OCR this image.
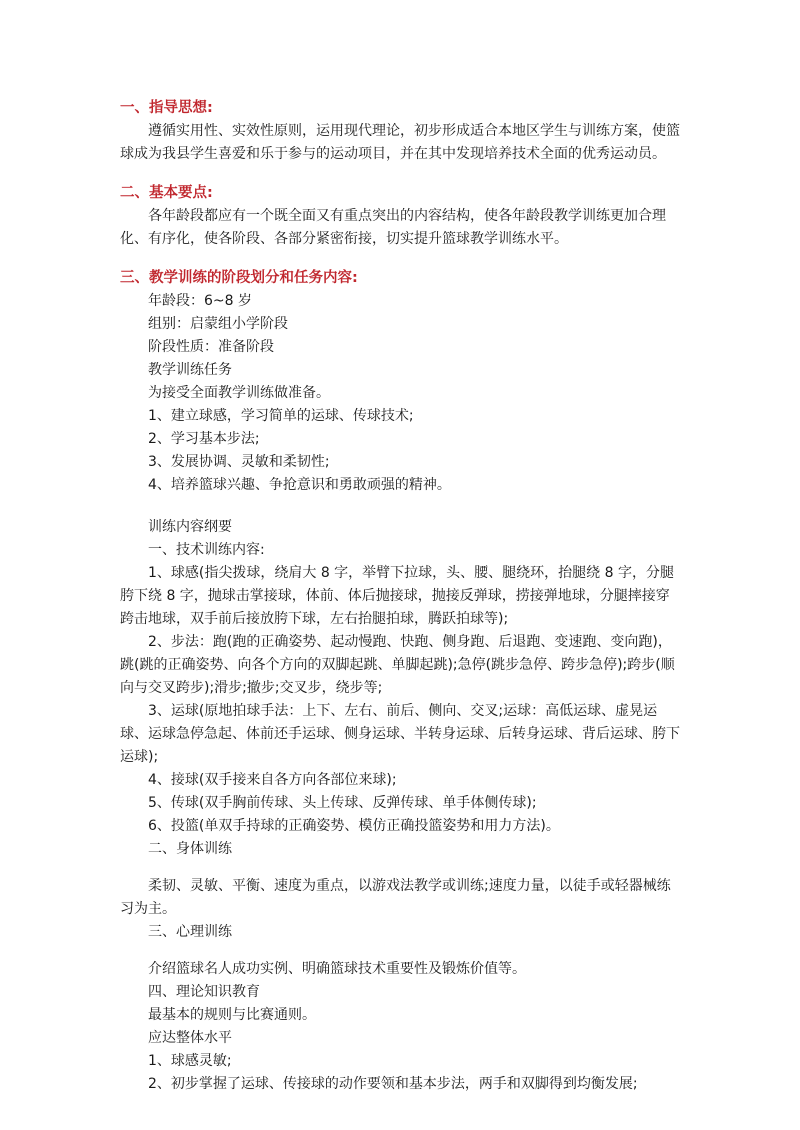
一、指导思想:
遵循实用性、实效性原则，运用现代理论，初步形成适合本地区学生与训练方案，使篮球成为我县学生喜爱和乐于参与的运动项目，并在其中发现培养技术全面的优秀运动员。
二、基本要点:
各年龄段都应有一个既全面又有重点突出的内容结构，使各年龄段教学训练更加合理化、有序化，使各阶段、各部分紧密衔接，切实提升篮球教学训练水平。
三、教学训练的阶段划分和任务内容:
年龄段：6~8 岁
组别：启蒙组小学阶段
阶段性质：准备阶段
教学训练任务
为接受全面教学训练做准备。
1、建立球感，学习简单的运球、传球技术;
2、学习基本步法;
3、发展协调、灵敏和柔韧性;
4、培养篮球兴趣、争抢意识和勇敢顽强的精神。
训练内容纲要
一、技术训练内容:
1、球感(指尖拨球，绕肩大 8 字，举臂下拉球，头、腰、腿绕环，抬腿绕 8 字，分腿胯下绕 8 字，抛球击掌接球，体前、体后抛接球，抛接反弹球，捞接弹地球，分腿摔接穿跨击地球，双手前后接放胯下球，左右抬腿拍球，腾跃拍球等);
2、步法：跑(跑的正确姿势、起动慢跑、快跑、侧身跑、后退跑、变速跑、变向跑)，跳(跳的正确姿势、向各个方向的双脚起跳、单脚起跳);急停(跳步急停、跨步急停);跨步(顺向与交叉跨步);滑步;撤步;交叉步，绕步等;
3、运球(原地拍球手法：上下、左右、前后、侧向、交叉;运球：高低运球、虚晃运球、运球急停急起、体前还手运球、侧身运球、半转身运球、后转身运球、背后运球、胯下运球);
4、接球(双手接来自各方向各部位来球);
5、传球(双手胸前传球、头上传球、反弹传球、单手体侧传球);
6、投篮(单双手持球的正确姿势、模仿正确投篮姿势和用力方法)。
二、身体训练
柔韧、灵敏、平衡、速度为重点，以游戏法教学或训练;速度力量，以徒手或轻器械练习为主。
三、心理训练
介绍篮球名人成功实例、明确篮球技术重要性及锻炼价值等。
四、理论知识教育
最基本的规则与比赛通则。
应达整体水平
1、球感灵敏;
2、初步掌握了运球、传接球的动作要领和基本步法，两手和双脚得到均衡发展;
